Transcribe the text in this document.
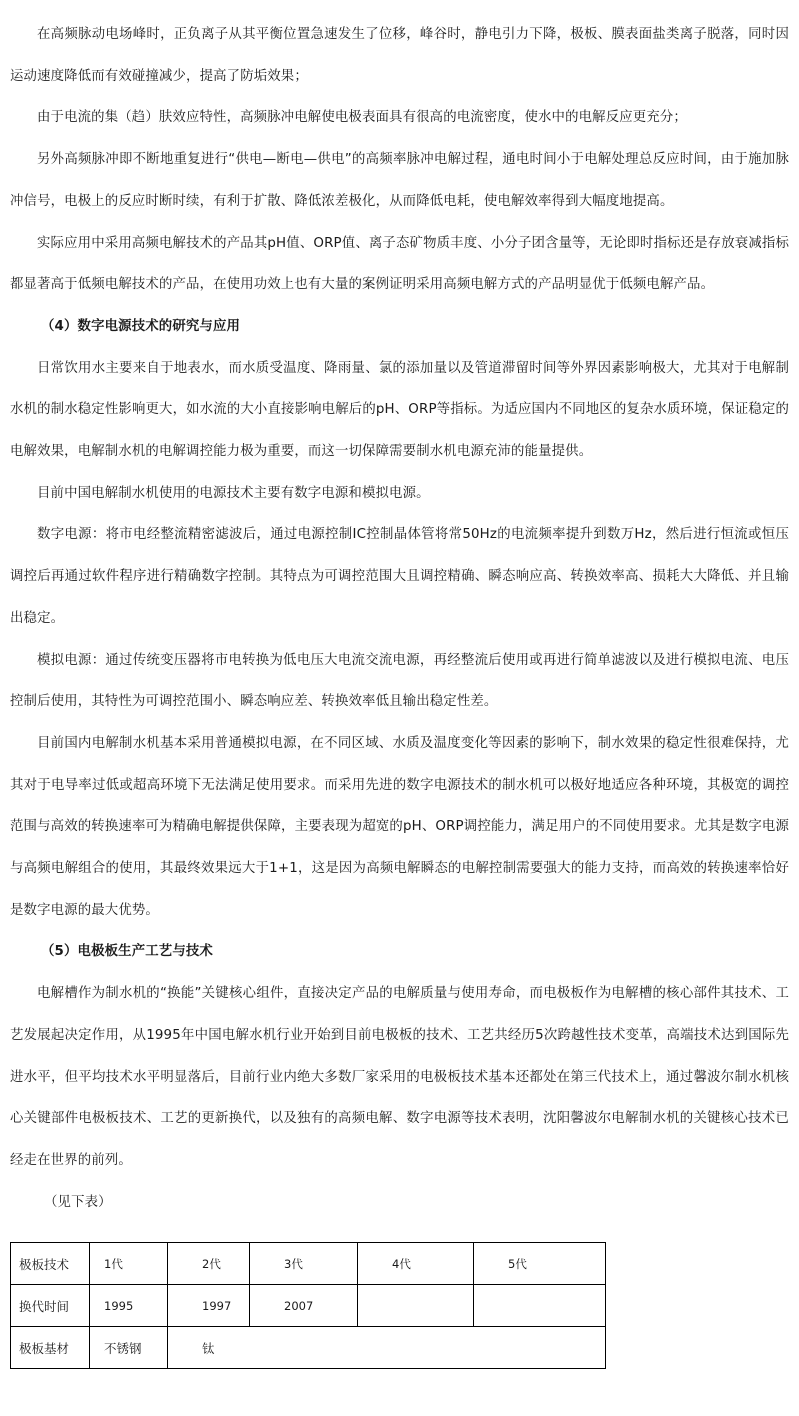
在高频脉动电场峰时，正负离子从其平衡位置急速发生了位移，峰谷时，静电引力下降，极板、膜表面盐类离子脱落，同时因运动速度降低而有效碰撞减少，提高了防垢效果；

由于电流的集（趋）肤效应特性，高频脉冲电解使电极表面具有很高的电流密度，使水中的电解反应更充分；

另外高频脉冲即不断地重复进行“供电—断电—供电”的高频率脉冲电解过程，通电时间小于电解处理总反应时间，由于施加脉冲信号，电极上的反应时断时续，有利于扩散、降低浓差极化，从而降低电耗，使电解效率得到大幅度地提高。

实际应用中采用高频电解技术的产品其pH值、ORP值、离子态矿物质丰度、小分子团含量等，无论即时指标还是存放衰减指标都显著高于低频电解技术的产品，在使用功效上也有大量的案例证明采用高频电解方式的产品明显优于低频电解产品。

（4）数字电源技术的研究与应用

日常饮用水主要来自于地表水，而水质受温度、降雨量、氯的添加量以及管道滞留时间等外界因素影响极大，尤其对于电解制水机的制水稳定性影响更大，如水流的大小直接影响电解后的pH、ORP等指标。为适应国内不同地区的复杂水质环境，保证稳定的电解效果，电解制水机的电解调控能力极为重要，而这一切保障需要制水机电源充沛的能量提供。

目前中国电解制水机使用的电源技术主要有数字电源和模拟电源。

数字电源：将市电经整流精密滤波后，通过电源控制IC控制晶体管将常50Hz的电流频率提升到数万Hz，然后进行恒流或恒压调控后再通过软件程序进行精确数字控制。其特点为可调控范围大且调控精确、瞬态响应高、转换效率高、损耗大大降低、并且输出稳定。

模拟电源：通过传统变压器将市电转换为低电压大电流交流电源，再经整流后使用或再进行简单滤波以及进行模拟电流、电压控制后使用，其特性为可调控范围小、瞬态响应差、转换效率低且输出稳定性差。

目前国内电解制水机基本采用普通模拟电源，在不同区域、水质及温度变化等因素的影响下，制水效果的稳定性很难保持，尤其对于电导率过低或超高环境下无法满足使用要求。而采用先进的数字电源技术的制水机可以极好地适应各种环境，其极宽的调控范围与高效的转换速率可为精确电解提供保障，主要表现为超宽的pH、ORP调控能力，满足用户的不同使用要求。尤其是数字电源与高频电解组合的使用，其最终效果远大于1+1，这是因为高频电解瞬态的电解控制需要强大的能力支持，而高效的转换速率恰好是数字电源的最大优势。

（5）电极板生产工艺与技术

电解槽作为制水机的“换能”关键核心组件，直接决定产品的电解质量与使用寿命，而电极板作为电解槽的核心部件其技术、工艺发展起决定作用，从1995年中国电解水机行业开始到目前电极板的技术、工艺共经历5次跨越性技术变革，高端技术达到国际先进水平，但平均技术水平明显落后，目前行业内绝大多数厂家采用的电极板技术基本还都处在第三代技术上，通过馨波尔制水机核心关键部件电极板技术、工艺的更新换代，以及独有的高频电解、数字电源等技术表明，沈阳馨波尔电解制水机的关键核心技术已经走在世界的前列。

（见下表）

极板技术	1代	2代	3代	4代	5代
换代时间	1995	1997	2007		
极板基材	不锈钢	钛			
